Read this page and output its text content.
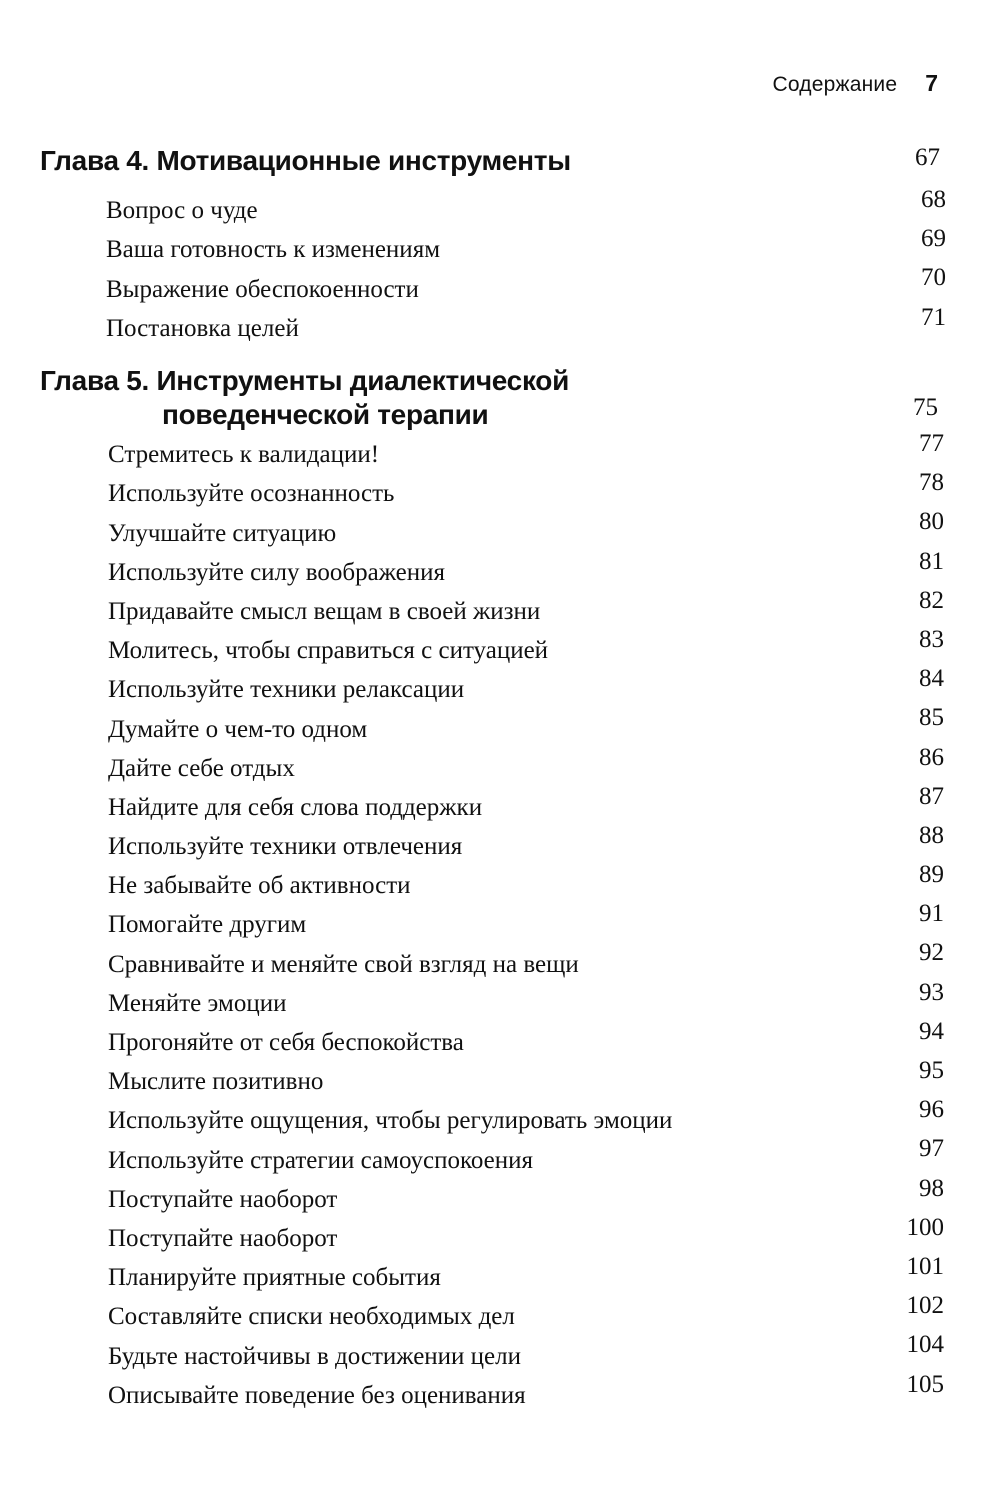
Содержание 7
Глава 4. Мотивационные инструменты	67
Вопрос о чуде	68
Ваша готовность к изменениям	69
Выражение обеспокоенности	70
Постановка целей	71
Глава 5. Инструменты диалектической
поведенческой терапии	75
Стремитесь к валидации!	77
Используйте осознанность	78
Улучшайте ситуацию	80
Используйте силу воображения	81
Придавайте смысл вещам в своей жизни	82
Молитесь, чтобы справиться с ситуацией	83
Используйте техники релаксации	84
Думайте о чем-то одном	85
Дайте себе отдых	86
Найдите для себя слова поддержки	87
Используйте техники отвлечения	88
Не забывайте об активности	89
Помогайте другим	91
Сравнивайте и меняйте свой взгляд на вещи	92
Меняйте эмоции	93
Прогоняйте от себя беспокойства	94
Мыслите позитивно	95
Используйте ощущения, чтобы регулировать эмоции	96
Используйте стратегии самоуспокоения	97
Поступайте наоборот	98
Поступайте наоборот	100
Планируйте приятные события	101
Составляйте списки необходимых дел	102
Будьте настойчивы в достижении цели	104
Описывайте поведение без оценивания	105
